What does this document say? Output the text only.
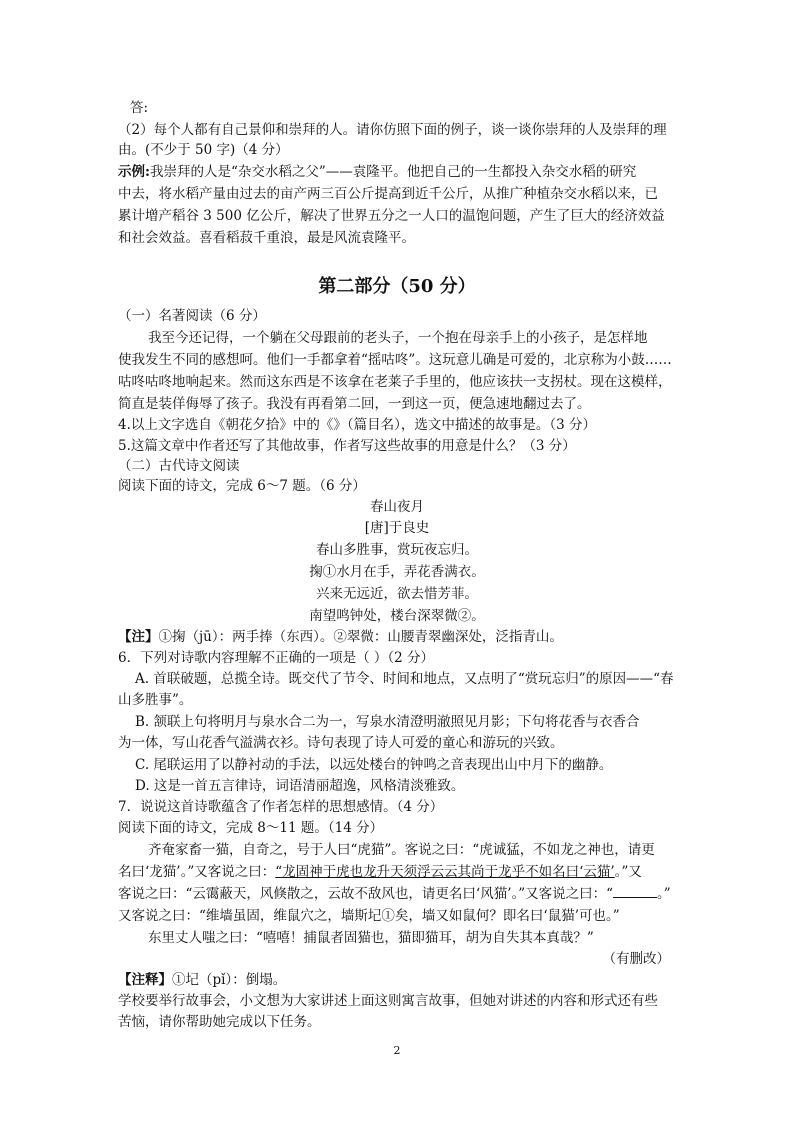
答:
（2）每个人都有自己景仰和崇拜的人。请你仿照下面的例子，谈一谈你崇拜的人及崇拜的理
由。(不少于 50 字)（4 分）
示例:我崇拜的人是“杂交水稻之父”——袁隆平。他把自己的一生都投入杂交水稻的研究
中去，将水稻产量由过去的亩产两三百公斤提高到近千公斤，从推广种植杂交水稻以来，已
累计增产稻谷 3 500 亿公斤，解决了世界五分之一人口的温饱问题，产生了巨大的经济效益
和社会效益。喜看稻菽千重浪，最是风流袁隆平。
第二部分（50 分）
（一）名著阅读（6 分）
我至今还记得，一个躺在父母跟前的老头子，一个抱在母亲手上的小孩子，是怎样地
使我发生不同的感想呵。他们一手都拿着“摇咕咚”。这玩意儿确是可爱的，北京称为小鼓……
咕咚咕咚地响起来。然而这东西是不该拿在老莱子手里的，他应该扶一支拐杖。现在这模样，
简直是装佯侮辱了孩子。我没有再看第二回，一到这一页，便急速地翻过去了。
4.以上文字选自《朝花夕拾》中的《》（篇目名），选文中描述的故事是。（3 分）
5.这篇文章中作者还写了其他故事，作者写这些故事的用意是什么？（3 分）
（二）古代诗文阅读
阅读下面的诗文，完成 6～7 题。（6 分）
春山夜月
[唐]于良史
春山多胜事，赏玩夜忘归。
掬①水月在手，弄花香满衣。
兴来无远近，欲去惜芳菲。
南望鸣钟处，楼台深翠微②。
【注】①掬（jū）：两手捧（东西）。②翠微：山腰青翠幽深处，泛指青山。
6．下列对诗歌内容理解不正确的一项是（ ）（2 分）
A. 首联破题，总揽全诗。既交代了节令、时间和地点，又点明了“赏玩忘归”的原因——“春
山多胜事”。
B. 颔联上句将明月与泉水合二为一，写泉水清澄明澈照见月影；下句将花香与衣香合
为一体，写山花香气溢满衣衫。诗句表现了诗人可爱的童心和游玩的兴致。
C. 尾联运用了以静衬动的手法，以远处楼台的钟鸣之音表现出山中月下的幽静。
D. 这是一首五言律诗，词语清丽超逸，风格清淡雅致。
7．说说这首诗歌蕴含了作者怎样的思想感情。（4 分）
阅读下面的诗文，完成 8～11 题。（14 分）
齐奄家畜一猫，自奇之，号于人曰“虎猫”。客说之曰：“虎诚猛，不如龙之神也，请更
名曰‘龙猫’。”又客说之曰：“龙固神于虎也龙升天须浮云云其尚于龙乎不如名曰‘云猫’。”又
客说之曰：“云霭蔽天，风倏散之，云故不敌风也，请更名曰‘风猫’。”又客说之曰：“	。”
又客说之曰：“维墙虽固，维鼠穴之，墙斯圮①矣，墙又如鼠何？即名曰‘鼠猫’可也。”
东里丈人嗤之曰：“嘻嘻！捕鼠者固猫也，猫即猫耳，胡为自失其本真哉？”
（有删改）
【注释】①圮（pǐ）：倒塌。
学校要举行故事会，小文想为大家讲述上面这则寓言故事，但她对讲述的内容和形式还有些
苦恼，请你帮助她完成以下任务。
2
